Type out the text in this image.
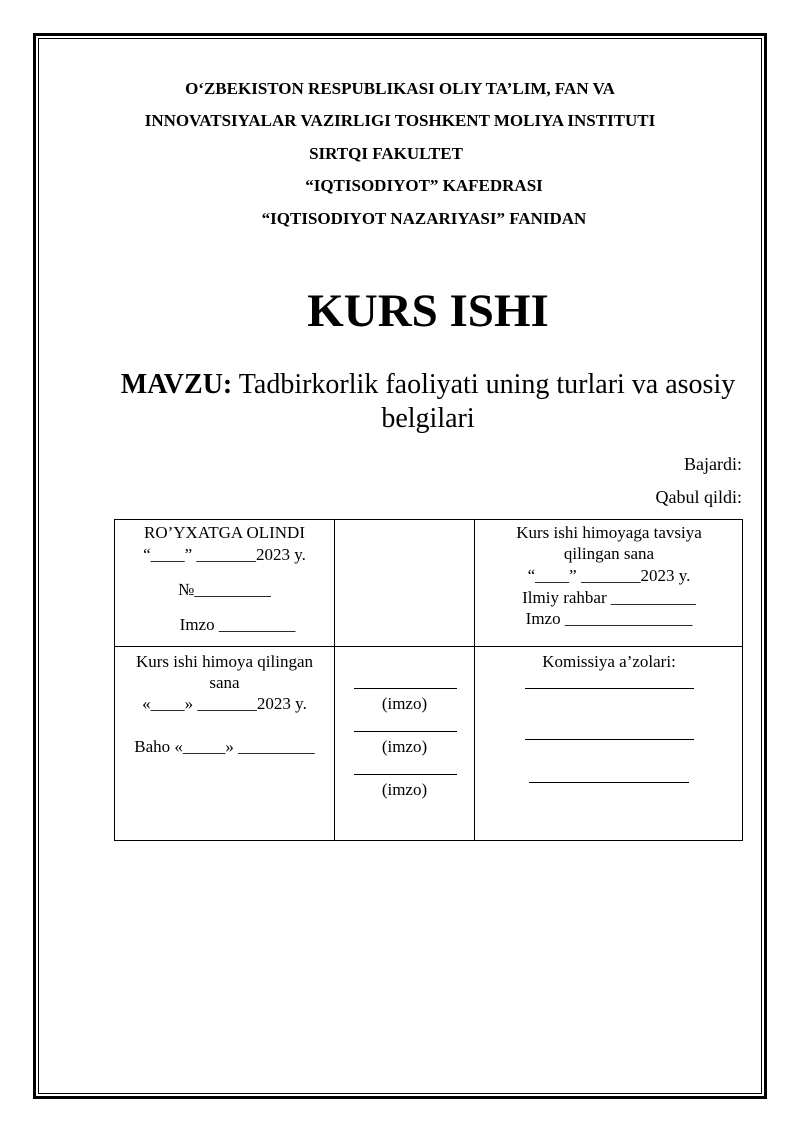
O‘ZBEKISTON RESPUBLIKASI OLIY TA’LIM, FAN VA
INNOVATSIYALAR VAZIRLIGI TOSHKENT MOLIYA INSTITUTI
SIRTQI FAKULTET
“IQTISODIYOT” KAFEDRASI
“IQTISODIYOT NAZARIYASI” FANIDAN
KURS ISHI
MAVZU: Tadbirkorlik faoliyati uning turlari va asosiy belgilari
Bajardi:
Qabul qildi:
RO’YXATGA OLINDI
“____” _______2023 y.
№_________
Imzo _________
Kurs ishi himoyaga tavsiya
qilingan sana
“____” _______2023 y.
Ilmiy rahbar __________
Imzo _______________
Kurs ishi himoya qilingan
sana
«____» _______2023 y.
Baho «_____» _________
(imzo)
(imzo)
(imzo)
Komissiya a’zolari:
